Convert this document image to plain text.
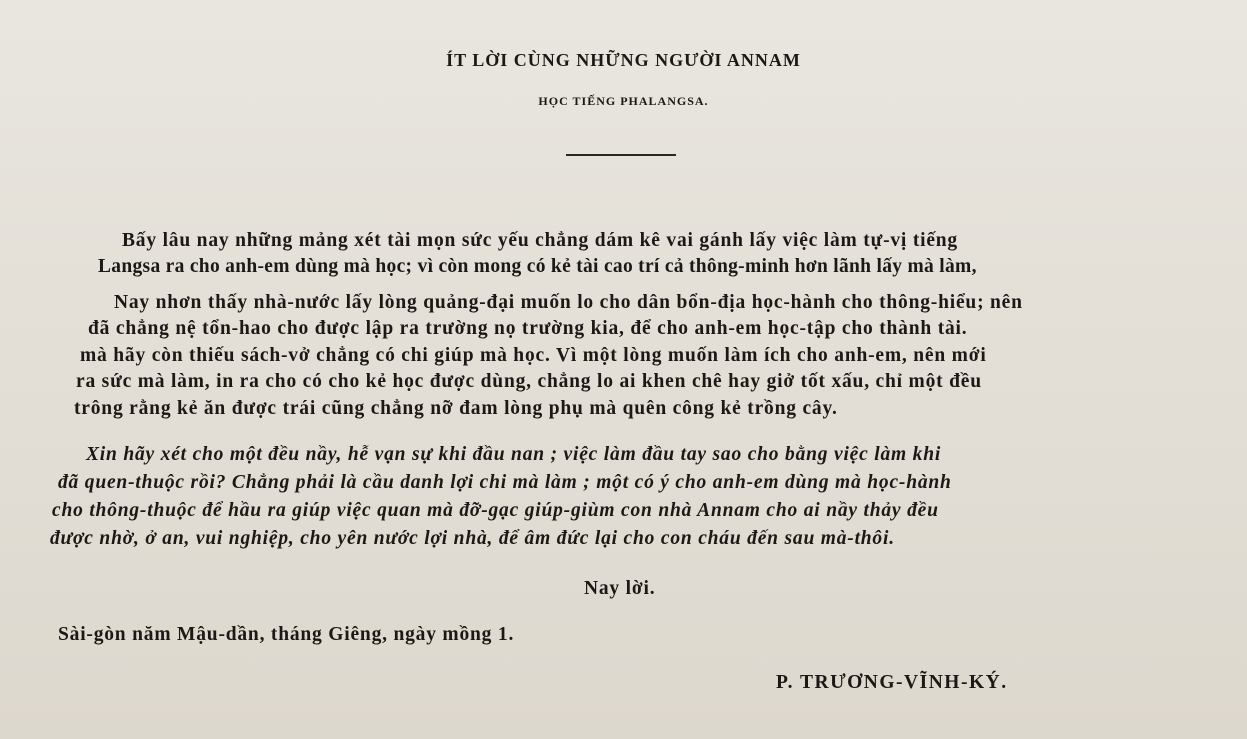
ÍT LỜI CÙNG NHỮNG NGƯỜI ANNAM
HỌC TIẾNG PHALANGSA.
Bấy lâu nay những mảng xét tài mọn sức yếu chẳng dám kê vai gánh lấy việc làm tự-vị tiếng
Langsa ra cho anh-em dùng mà học; vì còn mong có kẻ tài cao trí cả thông-minh hơn lãnh lấy mà làm,
Nay nhơn thấy nhà-nước lấy lòng quảng-đại muốn lo cho dân bổn-địa học-hành cho thông-hiểu; nên
đã chẳng nệ tổn-hao cho được lập ra trường nọ trường kia, để cho anh-em học-tập cho thành tài.
mà hãy còn thiếu sách-vở chẳng có chi giúp mà học. Vì một lòng muốn làm ích cho anh-em, nên mới
ra sức mà làm, in ra cho có cho kẻ học được dùng, chẳng lo ai khen chê hay giở tốt xấu, chỉ một đều
trông rằng kẻ ăn được trái cũng chẳng nỡ đam lòng phụ mà quên công kẻ trồng cây.
Xin hãy xét cho một đều nầy, hễ vạn sự khi đầu nan ; việc làm đầu tay sao cho bằng việc làm khi
đã quen-thuộc rồi? Chẳng phải là cầu danh lợi chi mà làm ; một có ý cho anh-em dùng mà học-hành
cho thông-thuộc để hầu ra giúp việc quan mà đỡ-gạc giúp-giùm con nhà Annam cho ai nầy thảy đều
được nhờ, ở an, vui nghiệp, cho yên nước lợi nhà, để âm đức lại cho con cháu đến sau mà-thôi.
Nay lời.
Sài-gòn năm Mậu-dần, tháng Giêng, ngày mồng 1.
P. TRƯƠNG-VĨNH-KÝ.
